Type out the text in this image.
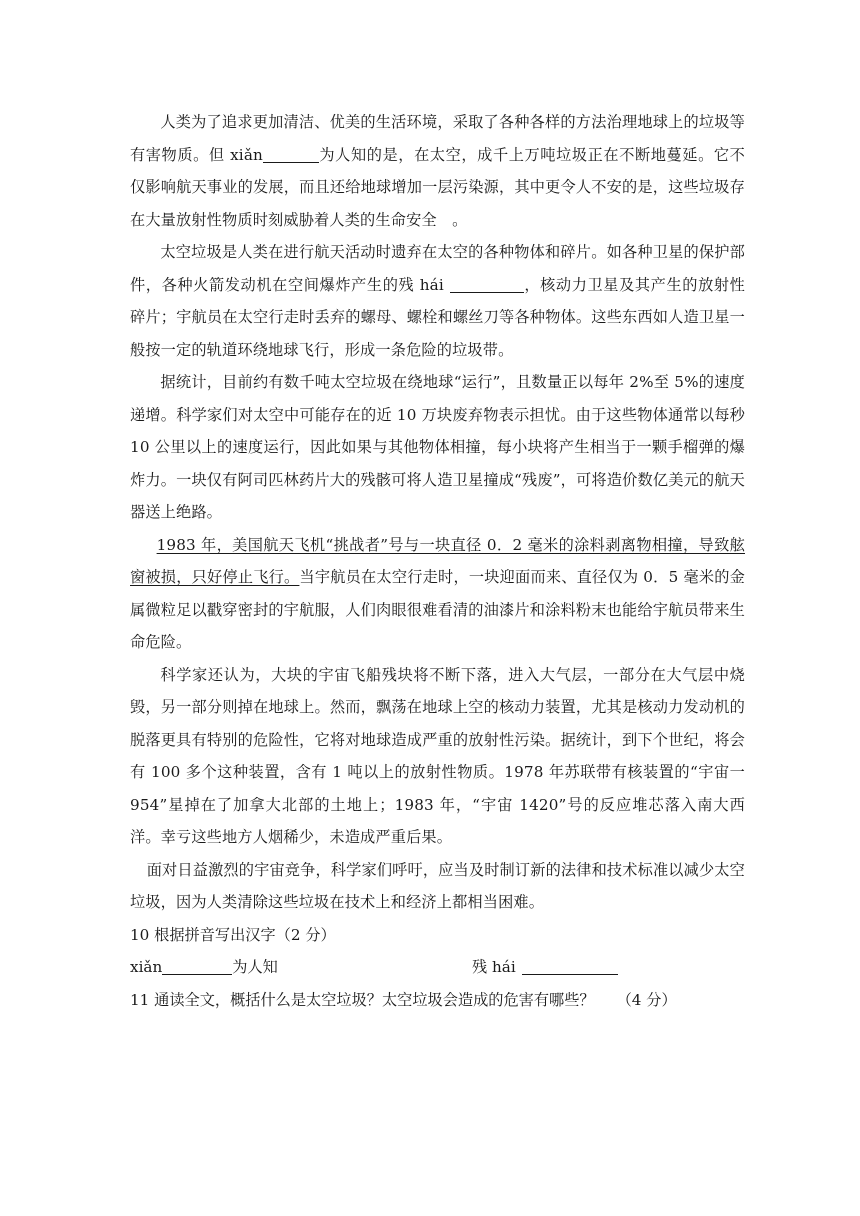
人类为了追求更加清洁、优美的生活环境，采取了各种各样的方法治理地球上的垃圾等有害物质。但 xiǎn	为人知的是，在太空，成千上万吨垃圾正在不断地蔓延。它不仅影响航天事业的发展，而且还给地球增加一层污染源，其中更令人不安的是，这些垃圾存在大量放射性物质时刻威胁着人类的生命安全　。

太空垃圾是人类在进行航天活动时遗弃在太空的各种物体和碎片。如各种卫星的保护部件，各种火箭发动机在空间爆炸产生的残 hái	，核动力卫星及其产生的放射性碎片；宇航员在太空行走时丢弃的螺母、螺栓和螺丝刀等各种物体。这些东西如人造卫星一般按一定的轨道环绕地球飞行，形成一条危险的垃圾带。

据统计，目前约有数千吨太空垃圾在绕地球“运行”，且数量正以每年 2%至 5%的速度递增。科学家们对太空中可能存在的近 10 万块废弃物表示担忧。由于这些物体通常以每秒 10 公里以上的速度运行，因此如果与其他物体相撞，每小块将产生相当于一颗手榴弹的爆炸力。一块仅有阿司匹林药片大的残骸可将人造卫星撞成“残废”，可将造价数亿美元的航天器送上绝路。

1983 年，美国航天飞机“挑战者”号与一块直径 0．2 毫米的涂料剥离物相撞，导致舷窗被损，只好停止飞行。当宇航员在太空行走时，一块迎面而来、直径仅为 0．5 毫米的金属微粒足以戳穿密封的宇航服，人们肉眼很难看清的油漆片和涂料粉末也能给宇航员带来生命危险。

科学家还认为，大块的宇宙飞船残块将不断下落，进入大气层，一部分在大气层中烧毁，另一部分则掉在地球上。然而，飘荡在地球上空的核动力装置，尤其是核动力发动机的脱落更具有特别的危险性，它将对地球造成严重的放射性污染。据统计，到下个世纪，将会有 100 多个这种装置，含有 1 吨以上的放射性物质。1978 年苏联带有核装置的“宇宙一 954”星掉在了加拿大北部的土地上；1983 年，“宇宙 1420”号的反应堆芯落入南大西洋。幸亏这些地方人烟稀少，未造成严重后果。

面对日益激烈的宇宙竞争，科学家们呼吁，应当及时制订新的法律和技术标准以减少太空垃圾，因为人类清除这些垃圾在技术上和经济上都相当困难。

10 根据拼音写出汉字（2 分）

xiǎn	为人知	残 hái

11 通读全文，概括什么是太空垃圾？太空垃圾会造成的危害有哪些？ （4 分）
